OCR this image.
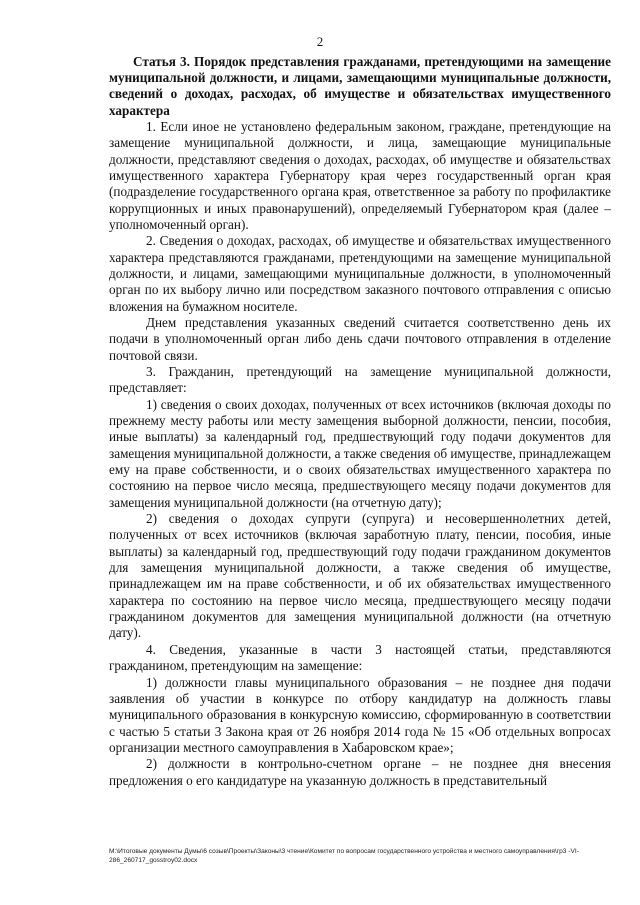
2

Статья 3. Порядок представления гражданами, претендующими на замещение муниципальной должности, и лицами, замещающими муниципальные должности, сведений о доходах, расходах, об имуществе и обязательствах имущественного характера

1. Если иное не установлено федеральным законом, граждане, претендующие на замещение муниципальной должности, и лица, замещающие муниципальные должности, представляют сведения о доходах, расходах, об имуществе и обязательствах имущественного характера Губернатору края через государственный орган края (подразделение государственного органа края, ответственное за работу по профилактике коррупционных и иных правонарушений), определяемый Губернатором края (далее – уполномоченный орган).

2. Сведения о доходах, расходах, об имуществе и обязательствах имущественного характера представляются гражданами, претендующими на замещение муниципальной должности, и лицами, замещающими муниципальные должности, в уполномоченный орган по их выбору лично или посредством заказного почтового отправления с описью вложения на бумажном носителе.

Днем представления указанных сведений считается соответственно день их подачи в уполномоченный орган либо день сдачи почтового отправления в отделение почтовой связи.

3. Гражданин, претендующий на замещение муниципальной должности, представляет:

1) сведения о своих доходах, полученных от всех источников (включая доходы по прежнему месту работы или месту замещения выборной должности, пенсии, пособия, иные выплаты) за календарный год, предшествующий году подачи документов для замещения муниципальной должности, а также сведения об имуществе, принадлежащем ему на праве собственности, и о своих обязательствах имущественного характера по состоянию на первое число месяца, предшествующего месяцу подачи документов для замещения муниципальной должности (на отчетную дату);

2) сведения о доходах супруги (супруга) и несовершеннолетних детей, полученных от всех источников (включая заработную плату, пенсии, пособия, иные выплаты) за календарный год, предшествующий году подачи гражданином документов для замещения муниципальной должности, а также сведения об имуществе, принадлежащем им на праве собственности, и об их обязательствах имущественного характера по состоянию на первое число месяца, предшествующего месяцу подачи гражданином документов для замещения муниципальной должности (на отчетную дату).

4. Сведения, указанные в части 3 настоящей статьи, представляются гражданином, претендующим на замещение:

1) должности главы муниципального образования – не позднее дня подачи заявления об участии в конкурсе по отбору кандидатур на должность главы муниципального образования в конкурсную комиссию, сформированную в соответствии с частью 5 статьи 3 Закона края от 26 ноября 2014 года № 15 «Об отдельных вопросах организации местного самоуправления в Хабаровском крае»;

2) должности в контрольно-счетном органе – не позднее дня внесения предложения о его кандидатуре на указанную должность в представительный

M:\Итоговые документы Думы\6 созыв\Проекты\Законы\3 чтение\Комитет по вопросам государственного устройства и местного самоуправления\гр3 -VI-286_260717_gosstroy02.docx
